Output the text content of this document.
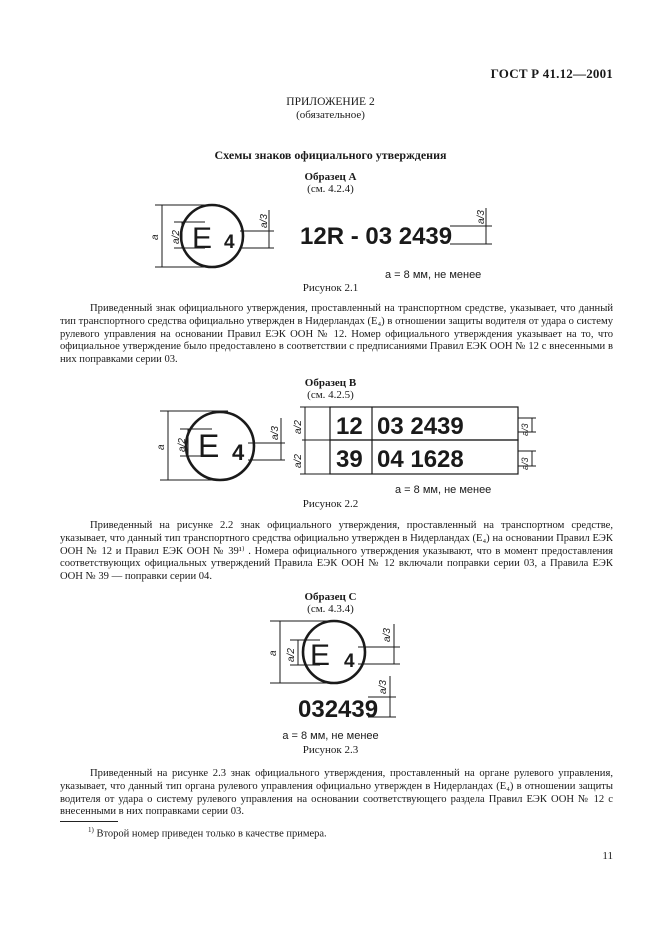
ГОСТ Р 41.12—2001
ПРИЛОЖЕНИЕ 2
(обязательное)
Схемы знаков официального утверждения
Образец А
(см. 4.2.4)
a a/2
a/3	a/3
E 4	12R - 03 2439
a = 8 мм, не менее
Рисунок 2.1

Приведенный знак официального утверждения, проставленный на транспортном средстве, указывает, что данный тип транспортного средства официально утвержден в Нидерландах (E₄) в отношении защиты водителя от удара о систему рулевого управления на основании Правил ЕЭК ООН № 12. Номер официального утверждения указывает на то, что официальное утверждение было предоставлено в соответствии с предписаниями Правил ЕЭК ООН № 12 с внесенными в них поправками серии 03.

Образец В
(см. 4.2.5)
a a/2
a/3 a/2
a/2
a/3
a/3
E 4
12 03 2439
39 04 1628
a = 8 мм, не менее
Рисунок 2.2

Приведенный на рисунке 2.2 знак официального утверждения, проставленный на транспортном средстве, указывает, что данный тип транспортного средства официально утвержден в Нидерландах (E₄) на основании Правил ЕЭК ООН № 12 и Правил ЕЭК ООН № 39¹⁾ . Номера официального утверждения указывают, что в момент предоставления соответствующих официальных утверждений Правила ЕЭК ООН № 12 включали поправки серии 03, а Правила ЕЭК ООН № 39 — поправки серии 04.

Образец С
(см. 4.3.4)
a a/2
a/3
a/3
E 4
032439
a = 8 мм, не менее
Рисунок 2.3

Приведенный на рисунке 2.3 знак официального утверждения, проставленный на органе рулевого управления, указывает, что данный тип органа рулевого управления официально утвержден в Нидерландах (E₄) в отношении защиты водителя от удара о систему рулевого управления на основании соответствующего раздела Правил ЕЭК ООН № 12 с внесенными в них поправками серии 03.

$^{1)}$ Второй номер приведен только в качестве примера.
11
